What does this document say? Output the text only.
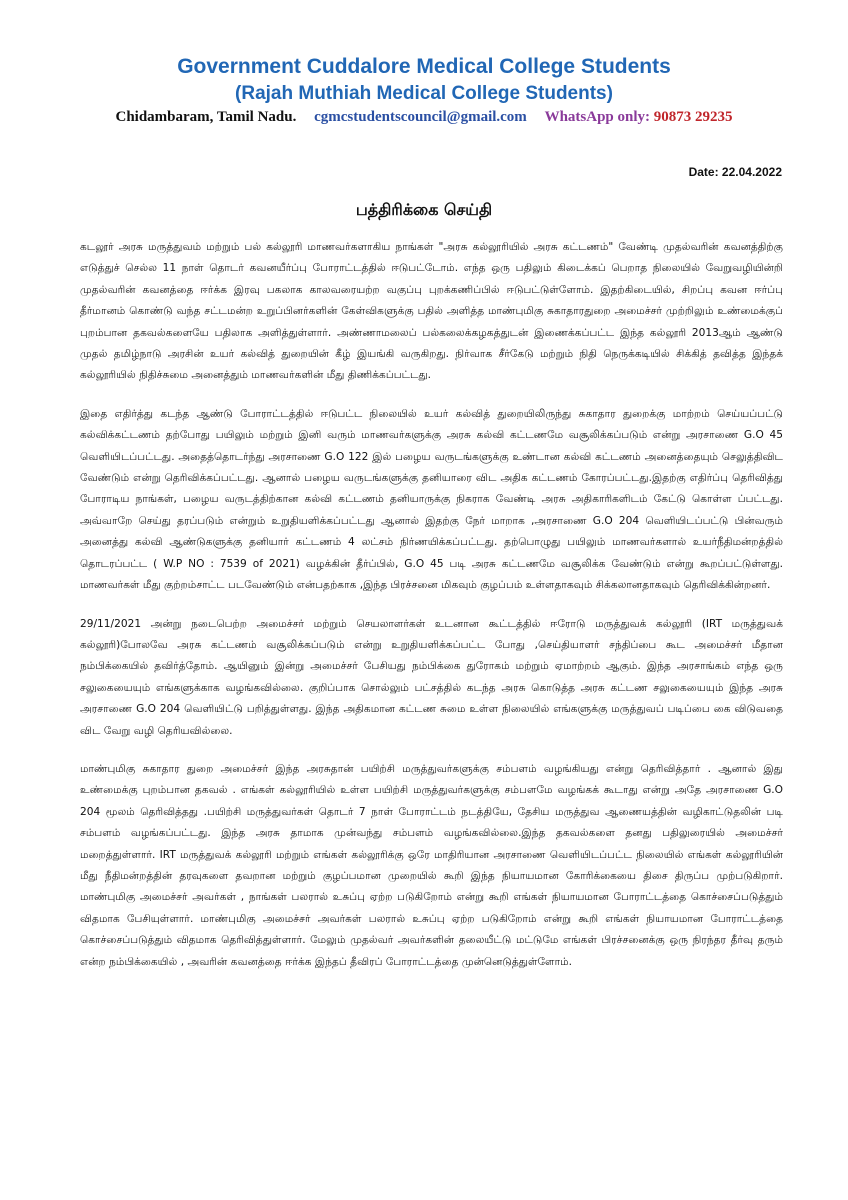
Government Cuddalore Medical College Students
(Rajah Muthiah Medical College Students)
Chidambaram, Tamil Nadu. cgmcstudentscouncil@gmail.com WhatsApp only: 90873 29235
Date: 22.04.2022
பத்திரிக்கை செய்தி

கடலூர் அரசு மருத்துவம் மற்றும் பல் கல்லூரி மாணவர்களாகிய நாங்கள் "அரசு கல்லூரியில் அரசு கட்டணம்" வேண்டி முதல்வரின் கவனத்திற்கு எடுத்துச் செல்ல 11 நாள் தொடர் கவனயீர்ப்பு போராட்டத்தில் ஈடுபட்டோம். எந்த ஒரு பதிலும் கிடைக்கப் பெறாத நிலையில் வேறுவழியின்றி முதல்வரின் கவனத்தை ஈர்க்க இரவு பகலாக காலவரையற்ற வகுப்பு புறக்கணிப்பில் ஈடுபட்டுள்ளோம். இதற்கிடையில், சிறப்பு கவன ஈர்ப்பு தீர்மானம் கொண்டு வந்த சட்டமன்ற உறுப்பினர்களின் கேள்விகளுக்கு பதில் அளித்த மாண்புமிகு சுகாதாரதுறை அமைச்சர் முற்றிலும் உண்மைக்குப் புறம்பான தகவல்களையே பதிலாக அளித்துள்ளார். அண்ணாமலைப் பல்கலைக்கழகத்துடன் இணைக்கப்பட்ட இந்த கல்லூரி 2013ஆம் ஆண்டு முதல் தமிழ்நாடு அரசின் உயர் கல்வித் துறையின் கீழ் இயங்கி வருகிறது. நிர்வாக சீர்கேடு மற்றும் நிதி நெருக்கடியில் சிக்கித் தவித்த இந்தக் கல்லூரியில் நிதிச்சுமை அனைத்தும் மாணவர்களின் மீது திணிக்கப்பட்டது.

இதை எதிர்த்து கடந்த ஆண்டு போராட்டத்தில் ஈடுபட்ட நிலையில் உயர் கல்வித் துறையிலிருந்து சுகாதார துறைக்கு மாற்றம் செய்யப்பட்டு கல்விக்கட்டணம் தற்போது பயிலும் மற்றும் இனி வரும் மாணவர்களுக்கு அரசு கல்வி கட்டணமே வசூலிக்கப்படும் என்று அரசாணை G.O 45 வெளியிடப்பட்டது. அதைத்தொடர்ந்து அரசாணை G.O 122 இல் பழைய வருடங்களுக்கு உண்டான கல்வி கட்டணம் அனைத்தையும் செலுத்திவிட வேண்டும் என்று தெரிவிக்கப்பட்டது. ஆனால் பழைய வருடங்களுக்கு தனியாரை விட அதிக கட்டணம் கோரப்பட்டது.இதற்கு எதிர்ப்பு தெரிவித்து போராடிய நாங்கள், பழைய வருடத்திற்கான கல்வி கட்டணம் தனியாருக்கு நிகராக வேண்டி அரசு அதிகாரிகளிடம் கேட்டு கொள்ள ப்பட்டது. அவ்வாறே செய்து தரப்படும் என்றும் உறுதியளிக்கப்பட்டது ஆனால் இதற்கு நேர் மாறாக ,அரசாணை G.O 204 வெளியிடப்பட்டு பின்வரும் அனைத்து கல்வி ஆண்டுகளுக்கு தனியார் கட்டணம் 4 லட்சம் நிர்ணயிக்கப்பட்டது. தற்பொழுது பயிலும் மாணவர்களால் உயர்நீதிமன்றத்தில் தொடரப்பட்ட ( W.P NO : 7539 of 2021) வழக்கின் தீர்ப்பில், G.O 45 படி அரசு கட்டணமே வசூலிக்க வேண்டும் என்று கூறப்பட்டுள்ளது. மாணவர்கள் மீது குற்றம்சாட்ட படவேண்டும் என்பதற்காக ,இந்த பிரச்சனை மிகவும் குழப்பம் உள்ளதாகவும் சிக்கலானதாகவும் தெரிவிக்கின்றனர்.

29/11/2021 அன்று நடைபெற்ற அமைச்சர் மற்றும் செயலாளர்கள் உடனான கூட்டத்தில் ஈரோடு மருத்துவக் கல்லூரி (IRT மருத்துவக் கல்லூரி)போலவே அரசு கட்டணம் வசூலிக்கப்படும் என்று உறுதியளிக்கப்பட்ட போது ,செய்தியாளர் சந்திப்பை கூட அமைச்சர் மீதான நம்பிக்கையில் தவிர்த்தோம். ஆயினும் இன்று அமைச்சர் பேசியது நம்பிக்கை துரோகம் மற்றும் ஏமாற்றம் ஆகும். இந்த அரசாங்கம் எந்த ஒரு சலுகையையும் எங்களுக்காக வழங்கவில்லை. குறிப்பாக சொல்லும் பட்சத்தில் கடந்த அரசு கொடுத்த அரசு கட்டண சலுகையையும் இந்த அரசு அரசாணை G.O 204 வெளியிட்டு பறித்துள்ளது. இந்த அதிகமான கட்டண சுமை உள்ள நிலையில் எங்களுக்கு மருத்துவப் படிப்பை கை விடுவதை விட வேறு வழி தெரியவில்லை.

மாண்புமிகு சுகாதார துறை அமைச்சர் இந்த அரசுதான் பயிற்சி மருத்துவர்களுக்கு சம்பளம் வழங்கியது என்று தெரிவித்தார் . ஆனால் இது உண்மைக்கு புறம்பான தகவல் . எங்கள் கல்லூரியில் உள்ள பயிற்சி மருத்துவர்களுக்கு சம்பளமே வழங்கக் கூடாது என்று அதே அரசாணை G.O 204 மூலம் தெரிவித்தது .பயிற்சி மருத்துவர்கள் தொடர் 7 நாள் போராட்டம் நடத்தியே, தேசிய மருத்துவ ஆணையத்தின் வழிகாட்டுதலின் படி சம்பளம் வழங்கப்பட்டது. இந்த அரசு தாமாக முன்வந்து சம்பளம் வழங்கவில்லை.இந்த தகவல்களை தனது பதிலுரையில் அமைச்சர் மறைத்துள்ளார். IRT மருத்துவக் கல்லூரி மற்றும் எங்கள் கல்லூரிக்கு ஒரே மாதிரியான அரசாணை வெளியிடப்பட்ட நிலையில் எங்கள் கல்லூரியின் மீது நீதிமன்றத்தின் தரவுகளை தவறான மற்றும் குழப்பமான முறையில் கூறி இந்த நியாயமான கோரிக்கையை திசை திருப்ப முற்படுகிறார். மாண்புமிகு அமைச்சர் அவர்கள் , நாங்கள் பலரால் உசுப்பு ஏற்ற படுகிறோம் என்று கூறி எங்கள் நியாயமான போராட்டத்தை கொச்சைப்படுத்தும் விதமாக பேசியுள்ளார். மாண்புமிகு அமைச்சர் அவர்கள் பலரால் உசுப்பு ஏற்ற படுகிறோம் என்று கூறி எங்கள் நியாயமான போராட்டத்தை கொச்சைப்படுத்தும் விதமாக தெரிவித்துள்ளார். மேலும் முதல்வர் அவர்களின் தலையீட்டு மட்டுமே எங்கள் பிரச்சனைக்கு ஒரு நிரந்தர தீர்வு தரும் என்ற நம்பிக்கையில் , அவரின் கவனத்தை ஈர்க்க இந்தப் தீவிரப் போராட்டத்தை முன்னெடுத்துள்ளோம்.
